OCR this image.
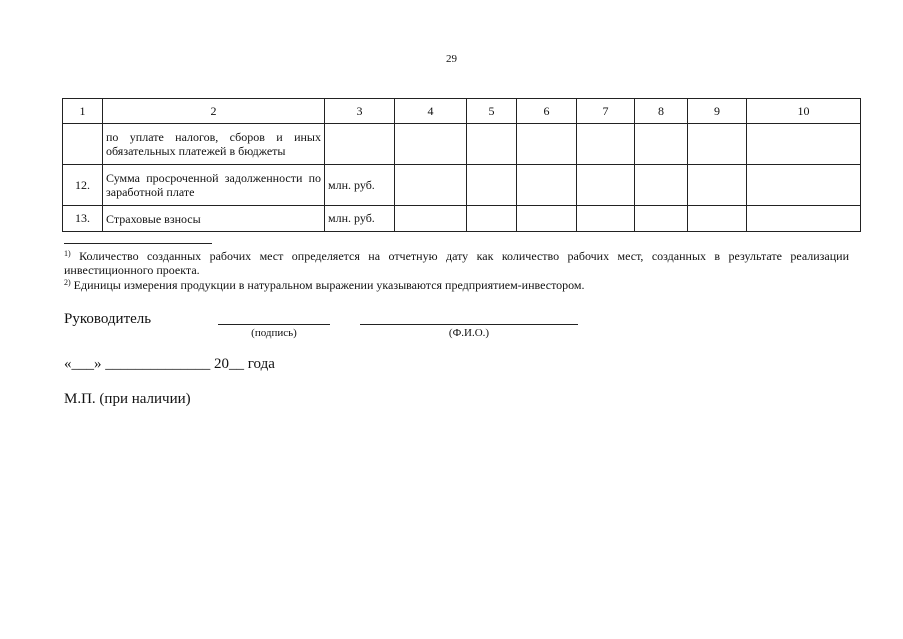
29
1	2	3	4	5	6	7	8	9	10
	по уплате налогов, сборов и иных обязательных платежей в бюджеты								
12.	Сумма просроченной задолженности по заработной плате	млн. руб.							
13.	Страховые взносы	млн. руб.							
$^{1)}$ Количество созданных рабочих мест определяется на отчетную дату как количество рабочих мест, созданных в результате реализации инвестиционного проекта.
$^{2)}$ Единицы измерения продукции в натуральном выражении указываются предприятием-инвестором.
Руководитель
(подпись)	(Ф.И.О.)
«___» ______________ 20__ года
М.П. (при наличии)
